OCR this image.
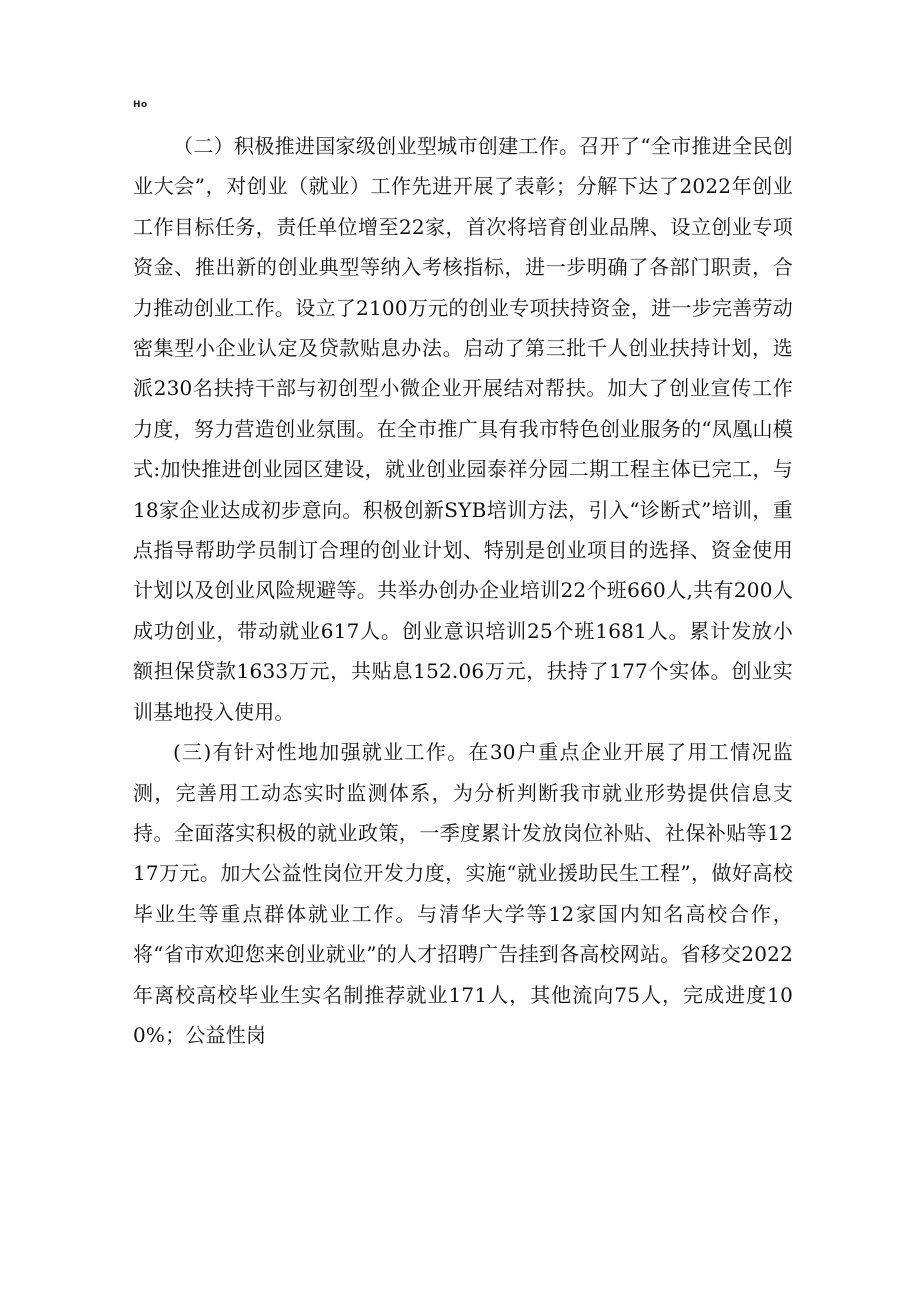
Ho

（二）积极推进国家级创业型城市创建工作。召开了“全市推进全民创业大会”，对创业（就业）工作先进开展了表彰；分解下达了2022年创业工作目标任务，责任单位增至22家，首次将培育创业品牌、设立创业专项资金、推出新的创业典型等纳入考核指标，进一步明确了各部门职责，合力推动创业工作。设立了2100万元的创业专项扶持资金，进一步完善劳动密集型小企业认定及贷款贴息办法。启动了第三批千人创业扶持计划，选派230名扶持干部与初创型小微企业开展结对帮扶。加大了创业宣传工作力度，努力营造创业氛围。在全市推广具有我市特色创业服务的“凤凰山模式:加快推进创业园区建设，就业创业园泰祥分园二期工程主体已完工，与18家企业达成初步意向。积极创新SYB培训方法，引入“诊断式”培训，重点指导帮助学员制订合理的创业计划、特别是创业项目的选择、资金使用计划以及创业风险规避等。共举办创办企业培训22个班660人,共有200人成功创业，带动就业617人。创业意识培训25个班1681人。累计发放小额担保贷款1633万元，共贴息152.06万元，扶持了177个实体。创业实训基地投入使用。

(三)有针对性地加强就业工作。在30户重点企业开展了用工情况监测，完善用工动态实时监测体系，为分析判断我市就业形势提供信息支持。全面落实积极的就业政策，一季度累计发放岗位补贴、社保补贴等1217万元。加大公益性岗位开发力度，实施“就业援助民生工程”，做好高校毕业生等重点群体就业工作。与清华大学等12家国内知名高校合作，将“省市欢迎您来创业就业”的人才招聘广告挂到各高校网站。省移交2022年离校高校毕业生实名制推荐就业171人，其他流向75人，完成进度100%；公益性岗
